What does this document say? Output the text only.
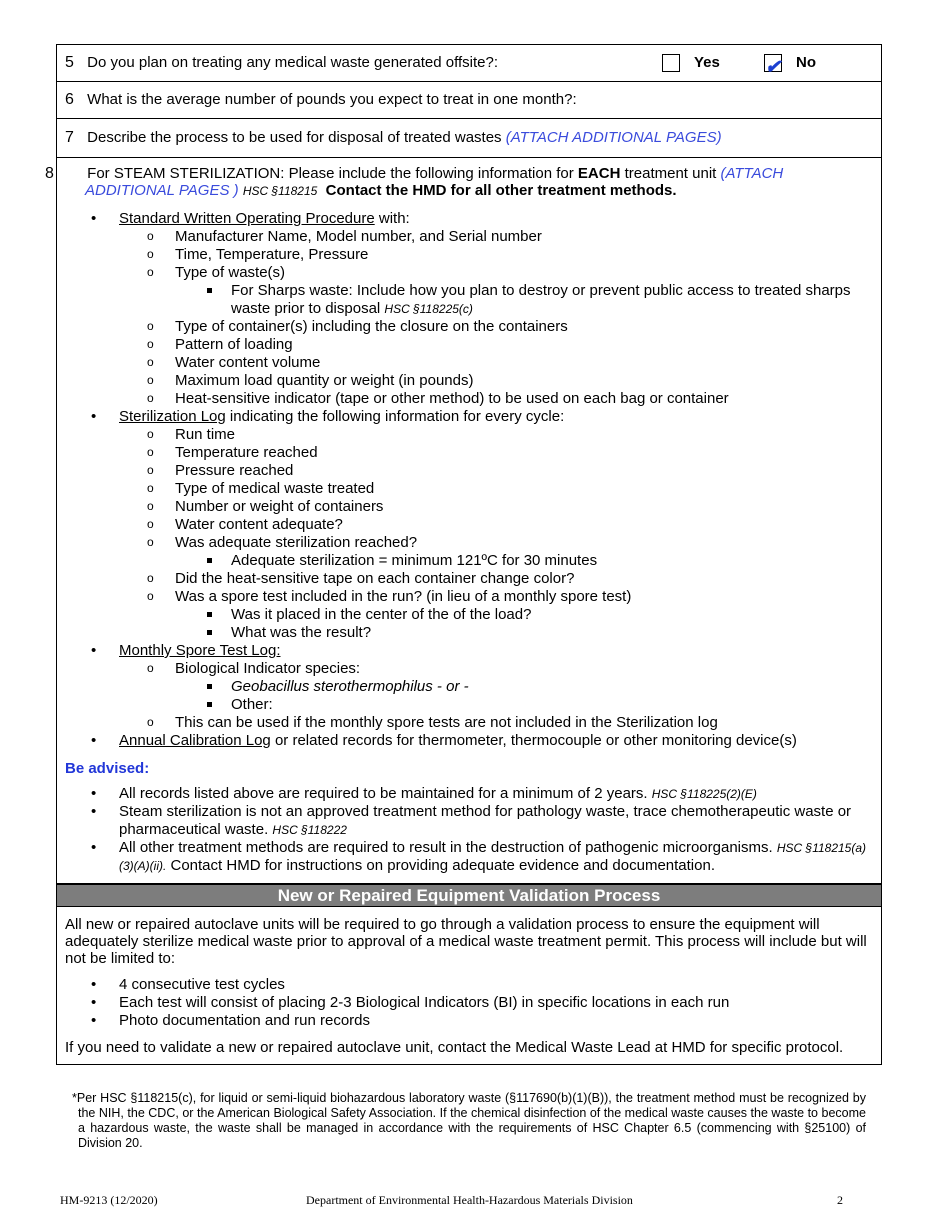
5 Do you plan on treating any medical waste generated offsite?:	Yes ✔ No
6 What is the average number of pounds you expect to treat in one month?:
7 Describe the process to be used for disposal of treated wastes (ATTACH ADDITIONAL PAGES)
8 For STEAM STERILIZATION: Please include the following information for EACH treatment unit (ATTACH ADDITIONAL PAGES ) HSC §118215 Contact the HMD for all other treatment methods.
• Standard Written Operating Procedure with:
o Manufacturer Name, Model number, and Serial number
o Time, Temperature, Pressure
o Type of waste(s)
For Sharps waste: Include how you plan to destroy or prevent public access to treated sharps waste prior to disposal HSC §118225(c)
o Type of container(s) including the closure on the containers
o Pattern of loading
o Water content volume
o Maximum load quantity or weight (in pounds)
o Heat-sensitive indicator (tape or other method) to be used on each bag or container
• Sterilization Log indicating the following information for every cycle:
o Run time
o Temperature reached
o Pressure reached
o Type of medical waste treated
o Number or weight of containers
o Water content adequate?
o Was adequate sterilization reached?
Adequate sterilization = minimum 121ºC for 30 minutes
o Did the heat-sensitive tape on each container change color?
o Was a spore test included in the run? (in lieu of a monthly spore test)
Was it placed in the center of the of the load?
What was the result?
• Monthly Spore Test Log:
o Biological Indicator species:
Geobacillus sterothermophilus - or -
Other:
o This can be used if the monthly spore tests are not included in the Sterilization log
• Annual Calibration Log or related records for thermometer, thermocouple or other monitoring device(s)
Be advised:
• All records listed above are required to be maintained for a minimum of 2 years. HSC §118225(2)(E)
• Steam sterilization is not an approved treatment method for pathology waste, trace chemotherapeutic waste or pharmaceutical waste. HSC §118222
• All other treatment methods are required to result in the destruction of pathogenic microorganisms. HSC §118215(a)(3)(A)(ii). Contact HMD for instructions on providing adequate evidence and documentation.
New or Repaired Equipment Validation Process
All new or repaired autoclave units will be required to go through a validation process to ensure the equipment will adequately sterilize medical waste prior to approval of a medical waste treatment permit. This process will include but will not be limited to:
• 4 consecutive test cycles
• Each test will consist of placing 2-3 Biological Indicators (BI) in specific locations in each run
• Photo documentation and run records
If you need to validate a new or repaired autoclave unit, contact the Medical Waste Lead at HMD for specific protocol.
*Per HSC §118215(c), for liquid or semi-liquid biohazardous laboratory waste (§117690(b)(1)(B)), the treatment method must be recognized by the NIH, the CDC, or the American Biological Safety Association. If the chemical disinfection of the medical waste causes the waste to become a hazardous waste, the waste shall be managed in accordance with the requirements of HSC Chapter 6.5 (commencing with §25100) of Division 20.
HM-9213 (12/2020)	Department of Environmental Health-Hazardous Materials Division	2
